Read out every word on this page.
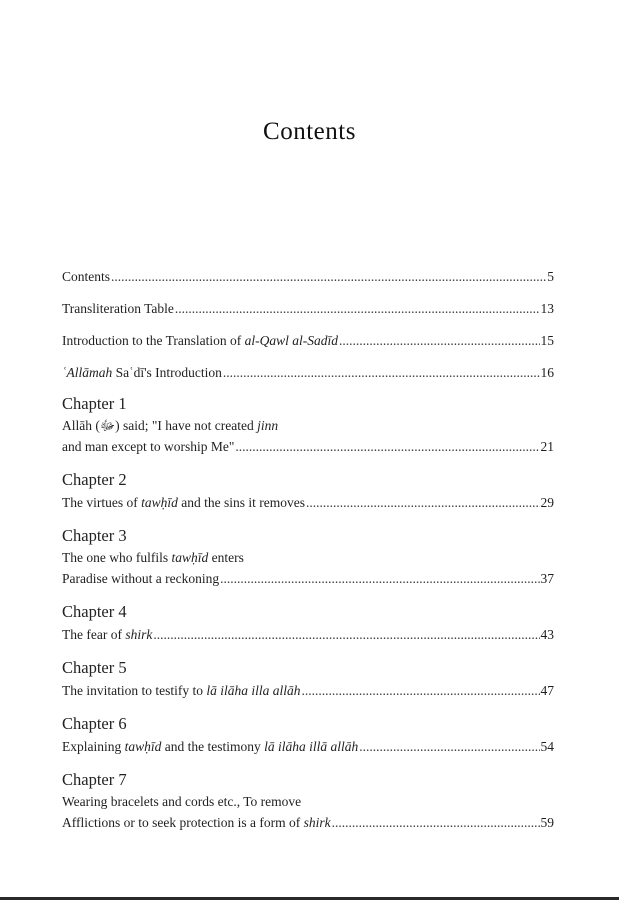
Contents
Contents .....	5
Transliteration Table .....	13
Introduction to the Translation of al-Qawl al-Sadīd .....	15
ʿAllāmah Saʿdī's Introduction .....	16
Chapter 1
Allāh (ﷻ) said; "I have not created jinn
and man except to worship Me" .....	21
Chapter 2
The virtues of tawḥīd and the sins it removes .....	29
Chapter 3
The one who fulfils tawḥīd enters
Paradise without a reckoning .....	37
Chapter 4
The fear of shirk .....	43
Chapter 5
The invitation to testify to lā ilāha illa allāh .....	47
Chapter 6
Explaining tawḥīd and the testimony lā ilāha illā allāh .....	54
Chapter 7
Wearing bracelets and cords etc., To remove
Afflictions or to seek protection is a form of shirk .....	59
